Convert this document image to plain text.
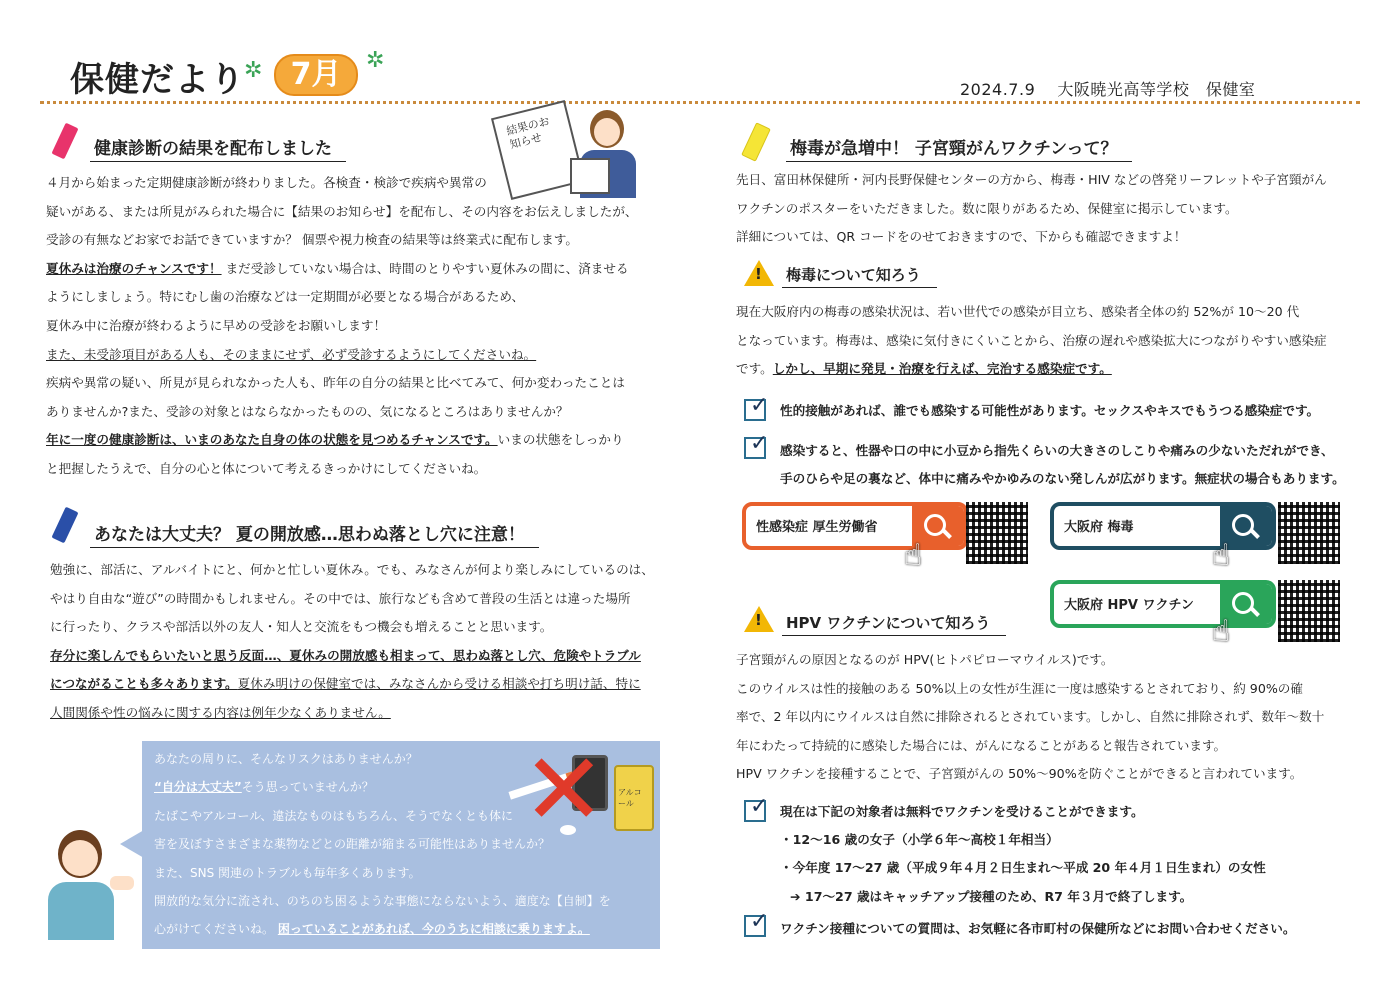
保健だより ✲	✲
7月	2024.7.9　 大阪暁光高等学校　保健室
健康診断の結果を配布しました
結果のお知らせ
４月から始まった定期健康診断が終わりました。各検査・検診で疾病や異常の
疑いがある、または所見がみられた場合に【結果のお知らせ】を配布し、その内容をお伝えしましたが、
受診の有無などお家でお話できていますか？ 個票や視力検査の結果等は終業式に配布します。
夏休みは治療のチャンスです！ まだ受診していない場合は、時間のとりやすい夏休みの間に、済ませる
ようにしましょう。特にむし歯の治療などは一定期間が必要となる場合があるため、
夏休み中に治療が終わるように早めの受診をお願いします！
また、未受診項目がある人も、そのままにせず、必ず受診するようにしてくださいね。
疾病や異常の疑い、所見が見られなかった人も、昨年の自分の結果と比べてみて、何か変わったことは
ありませんか?また、受診の対象とはならなかったものの、気になるところはありませんか？
年に一度の健康診断は、いまのあなた自身の体の状態を見つめるチャンスです。いまの状態をしっかり
と把握したうえで、自分の心と体について考えるきっかけにしてくださいね。
あなたは大丈夫？ 夏の開放感…思わぬ落とし穴に注意！
勉強に、部活に、アルバイトにと、何かと忙しい夏休み。でも、みなさんが何より楽しみにしているのは、
やはり自由な“遊び”の時間かもしれません。その中では、旅行なども含めて普段の生活とは違った場所
に行ったり、クラスや部活以外の友人・知人と交流をもつ機会も増えることと思います。
存分に楽しんでもらいたいと思う反面…、夏休みの開放感も相まって、思わぬ落とし穴、危険やトラブル
につながることも多々あります。夏休み明けの保健室では、みなさんから受ける相談や打ち明け話、特に
人間関係や性の悩みに関する内容は例年少なくありません。
あなたの周りに、そんなリスクはありませんか？
“自分は大丈夫”そう思っていませんか？
たばこやアルコール、違法なものはもちろん、そうでなくとも体に
害を及ぼすさまざまな薬物などとの距離が縮まる可能性はありませんか？
また、SNS 関連のトラブルも毎年多くあります。
開放的な気分に流され、のちのち困るような事態にならないよう、適度な【自制】を
心がけてくださいね。 困っていることがあれば、今のうちに相談に乗りますよ。
アルコール
✕
梅毒が急増中！ 子宮頸がんワクチンって？
先日、富田林保健所・河内長野保健センターの方から、梅毒・HIV などの啓発リーフレットや子宮頸がん
ワクチンのポスターをいただきました。数に限りがあるため、保健室に掲示しています。
詳細については、QR コードをのせておきますので、下からも確認できますよ！
! 梅毒について知ろう
現在大阪府内の梅毒の感染状況は、若い世代での感染が目立ち、感染者全体の約 52%が 10～20 代
となっています。梅毒は、感染に気付きにくいことから、治療の遅れや感染拡大につながりやすい感染症
です。しかし、早期に発見・治療を行えば、完治する感染症です。
✓ 性的接触があれば、誰でも感染する可能性があります。セックスやキスでもうつる感染症です。
✓ 感染すると、性器や口の中に小豆から指先くらいの大きさのしこりや痛みの少ないただれができ、
手のひらや足の裏など、体中に痛みやかゆみのない発しんが広がります。無症状の場合もあります。
性感染症 厚生労働省
☝
大阪府 梅毒
☝
大阪府 HPV ワクチン
☝
! HPV ワクチンについて知ろう
子宮頸がんの原因となるのが HPV(ヒトパピローマウイルス)です。
このウイルスは性的接触のある 50%以上の女性が生涯に一度は感染するとされており、約 90%の確
率で、2 年以内にウイルスは自然に排除されるとされています。しかし、自然に排除されず、数年～数十
年にわたって持続的に感染した場合には、がんになることがあると報告されています。
HPV ワクチンを接種することで、子宮頸がんの 50%～90%を防ぐことができると言われています。
✓ 現在は下記の対象者は無料でワクチンを受けることができます。
・12～16 歳の女子（小学６年～高校１年相当）
・今年度 17～27 歳（平成９年４月２日生まれ～平成 20 年４月１日生まれ）の女性
➔ 17～27 歳はキャッチアップ接種のため、R7 年３月で終了します。
✓ ワクチン接種についての質問は、お気軽に各市町村の保健所などにお問い合わせください。
